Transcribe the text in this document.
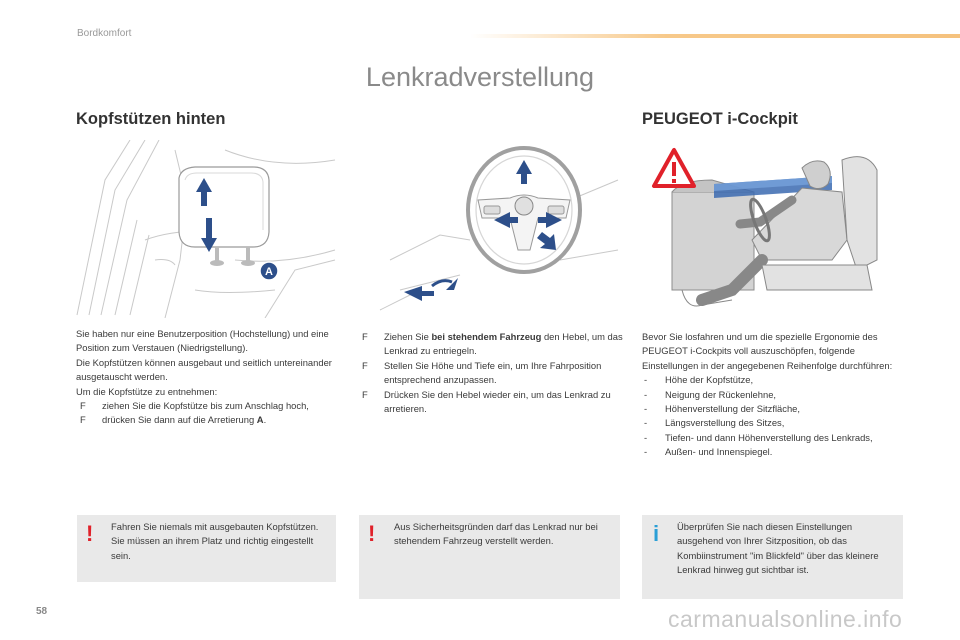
Bordkomfort
Lenkradverstellung
Kopfstützen hinten	PEUGEOT i-Cockpit
A

Sie haben nur eine Benutzerposition (Hochstellung) und eine Position zum Verstauen (Niedrigstellung).

Die Kopfstützen können ausgebaut und seitlich untereinander ausgetauscht werden.

Um die Kopfstütze zu entnehmen:

F ziehen Sie die Kopfstütze bis zum Anschlag hoch,

F drücken Sie dann auf die Arretierung A.

F Ziehen Sie bei stehendem Fahrzeug den Hebel, um das Lenkrad zu entriegeln.

F Stellen Sie Höhe und Tiefe ein, um Ihre Fahrposition entsprechend anzupassen.

F Drücken Sie den Hebel wieder ein, um das Lenkrad zu arretieren.

Bevor Sie losfahren und um die spezielle Ergonomie des PEUGEOT i-Cockpits voll auszuschöpfen, folgende Einstellungen in der angegebenen Reihenfolge durchführen:

- Höhe der Kopfstütze,

- Neigung der Rückenlehne,

- Höhenverstellung der Sitzfläche,

- Längsverstellung des Sitzes,

- Tiefen- und dann Höhenverstellung des Lenkrads,

- Außen- und Innenspiegel.

! Fahren Sie niemals mit ausgebauten Kopfstützen. Sie müssen an ihrem Platz und richtig eingestellt sein.
! Aus Sicherheitsgründen darf das Lenkrad nur bei stehendem Fahrzeug verstellt werden.	i Überprüfen Sie nach diesen Einstellungen ausgehend von Ihrer Sitzposition, ob das Kombiinstrument "im Blickfeld" über das kleinere Lenkrad hinweg gut sichtbar ist.
58	carmanualsonline.info
